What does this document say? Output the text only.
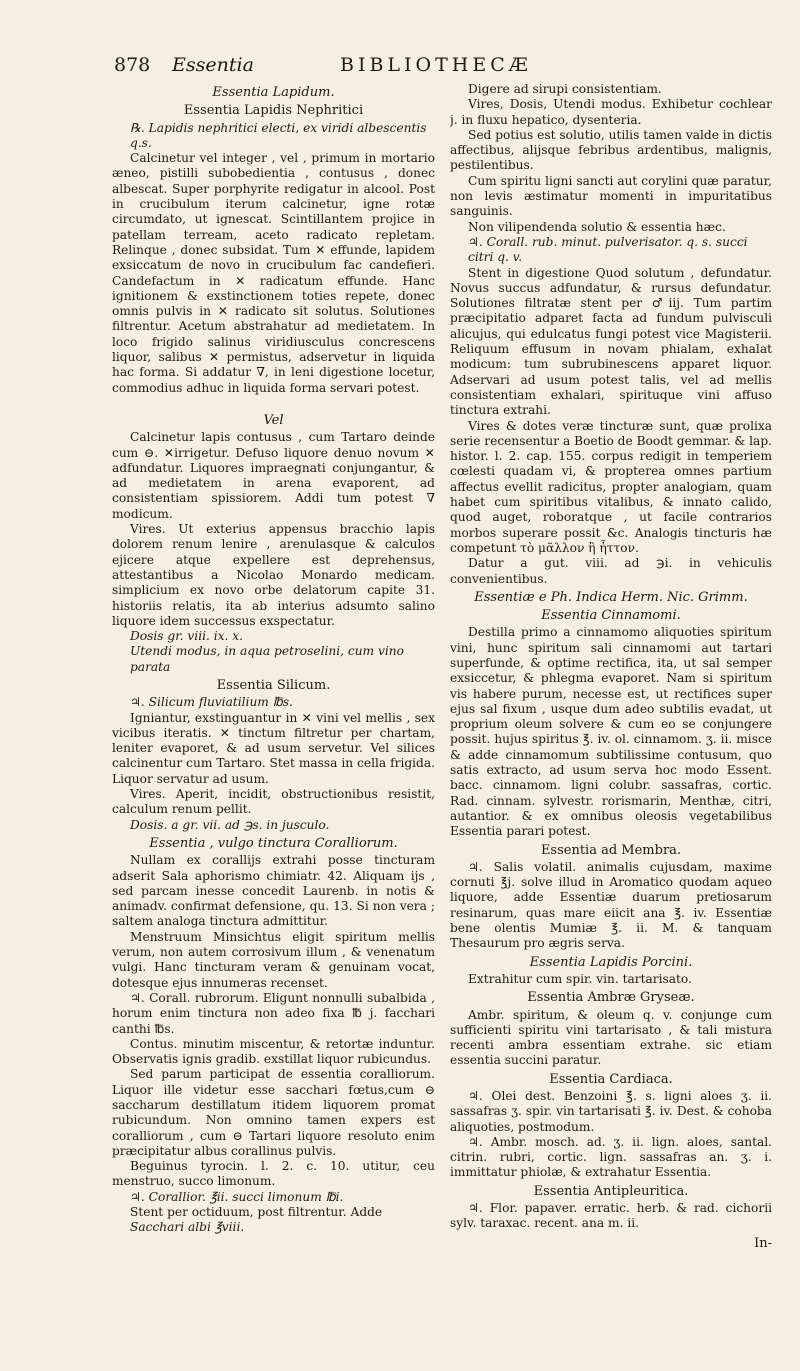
878 Essentia	BIBLIOTHECÆ

Essentia Lapidum.

Essentia Lapidis Nephritici

℞. Lapidis nephritici electi, ex viridi albescentis q.s.

Calcinetur vel integer , vel , primum in mortario æneo, pistilli subobedientia , contusus , donec albescat. Super porphyrite redigatur in alcool. Post in crucibulum iterum calcinetur, igne rotæ circumdato, ut ignescat. Scintillantem projice in patellam terream, aceto radicato repletam. Relinque , donec subsidat. Tum ✕ effunde, lapidem exsiccatum de novo in crucibulum fac candefieri. Candefactum in ✕ radicatum effunde. Hanc ignitionem & exstinctionem toties repete, donec omnis pulvis in ✕ radicato sit solutus. Solutiones filtrentur. Acetum abstrahatur ad medietatem. In loco frigido salinus viridiusculus concrescens liquor, salibus ✕ permistus, adservetur in liquida hac forma. Si addatur ∇, in leni digestione locetur, commodius adhuc in liquida forma servari potest.

Vel

Calcinetur lapis contusus , cum Tartaro deinde cum ⊖. ✕irrigetur. Defuso liquore denuo novum ✕ adfundatur. Liquores impraegnati conjungantur, & ad medietatem in arena evaporent, ad consistentiam spissiorem. Addi tum potest ∇ modicum.

Vires. Ut exterius appensus bracchio lapis dolorem renum lenire , arenulasque & calculos ejicere atque expellere est deprehensus, attestantibus a Nicolao Monardo medicam. simplicium ex novo orbe delatorum capite 31. historiis relatis, ita ab interius adsumto salino liquore idem successus exspectatur.

Dosis gr. viii. ix. x.

Utendi modus, in aqua petroselini, cum vino parata

Essentia Silicum.

♃. Silicum fluviatilium ℔s.

Igniantur, exstinguantur in ✕ vini vel mellis , sex vicibus iteratis. ✕ tinctum filtretur per chartam, leniter evaporet, & ad usum servetur. Vel silices calcinentur cum Tartaro. Stet massa in cella frigida. Liquor servatur ad usum.

Vires. Aperit, incidit, obstructionibus resistit, calculum renum pellit.

Dosis. a gr. vii. ad ℈s. in jusculo.

Essentia , vulgo tinctura Coralliorum.

Nullam ex corallijs extrahi posse tincturam adserit Sala aphorismo chimiatr. 42. Aliquam ijs , sed parcam inesse concedit Laurenb. in notis & animadv. confirmat defensione, qu. 13. Si non vera ; saltem analoga tinctura admittitur.

Menstruum Minsichtus eligit spiritum mellis verum, non autem corrosivum illum , & venenatum vulgi. Hanc tincturam veram & genuinam vocat, dotesque ejus innumeras recenset.

♃. Corall. rubrorum. Eligunt nonnulli subalbida , horum enim tinctura non adeo fixa ℔ j. facchari canthi ℔s.

Contus. minutim miscentur, & retortæ induntur. Observatis ignis gradib. exstillat liquor rubicundus.

Sed parum participat de essentia coralliorum. Liquor ille videtur esse sacchari fœtus,cum ⊖ saccharum destillatum itidem liquorem promat rubicundum. Non omnino tamen expers est coralliorum , cum ⊖ Tartari liquore resoluto enim præcipitatur albus corallinus pulvis.

Beguinus tyrocin. l. 2. c. 10. utitur, ceu menstruo, succo limonum.

♃. Corallior. ℥ii. succi limonum ℔i.

Stent per octiduum, post filtrentur. Adde

Sacchari albi ℥viii.

Digere ad sirupi consistentiam.

Vires, Dosis, Utendi modus. Exhibetur cochlear j. in fluxu hepatico, dysenteria.

Sed potius est solutio, utilis tamen valde in dictis affectibus, alijsque febribus ardentibus, malignis, pestilentibus.

Cum spiritu ligni sancti aut corylini quæ paratur, non levis æstimatur momenti in impuritatibus sanguinis.

Non vilipendenda solutio & essentia hæc.

♃. Corall. rub. minut. pulverisator. q. s. succi citri q. v.

Stent in digestione Quod solutum , defundatur. Novus succus adfundatur, & rursus defundatur. Solutiones filtratæ stent per ♂iij. Tum partim præcipitatio adparet facta ad fundum pulvisculi alicujus, qui edulcatus fungi potest vice Magisterii. Reliquum effusum in novam phialam, exhalat modicum: tum subrubinescens apparet liquor. Adservari ad usum potest talis, vel ad mellis consistentiam exhalari, spirituque vini affuso tinctura extrahi.

Vires & dotes veræ tincturæ sunt, quæ prolixa serie recensentur a Boetio de Boodt gemmar. & lap. histor. l. 2. cap. 155. corpus redigit in temperiem cœlesti quadam vi, & propterea omnes partium affectus evellit radicitus, propter analogiam, quam habet cum spiritibus vitalibus, & innato calido, quod auget, roboratque , ut facile contrarios morbos superare possit &c. Analogis tincturis hæ competunt τὸ μᾶλλον ἢ ἧττον.

Datur a gut. viii. ad ℈i. in vehiculis convenientibus.

Essentiæ e Ph. Indica Herm. Nic. Grimm.

Essentia Cinnamomi.

Destilla primo a cinnamomo aliquoties spiritum vini, hunc spiritum sali cinnamomi aut tartari superfunde, & optime rectifica, ita, ut sal semper exsiccetur, & phlegma evaporet. Nam si spiritum vis habere purum, necesse est, ut rectifices super ejus sal fixum , usque dum adeo subtilis evadat, ut proprium oleum solvere & cum eo se conjungere possit. hujus spiritus ℥. iv. ol. cinnamom. ʒ. ii. misce & adde cinnamomum subtilissime contusum, quo satis extracto, ad usum serva hoc modo Essent. bacc. cinnamom. ligni colubr. sassafras, cortic. Rad. cinnam. sylvestr. rorismarin, Menthæ, citri, autantior. & ex omnibus oleosis vegetabilibus Essentia parari potest.

Essentia ad Membra.

♃. Salis volatil. animalis cujusdam, maxime cornuti ℥j. solve illud in Aromatico quodam aqueo liquore, adde Essentiæ duarum pretiosarum resinarum, quas mare eiicit ana ℥. iv. Essentiæ bene olentis Mumiæ ℥. ii. M. & tanquam Thesaurum pro ægris serva.

Essentia Lapidis Porcini.

Extrahitur cum spir. vin. tartarisato.

Essentia Ambræ Gryseæ.

Ambr. spiritum, & oleum q. v. conjunge cum sufficienti spiritu vini tartarisato , & tali mistura recenti ambra essentiam extrahe. sic etiam essentia succini paratur.

Essentia Cardiaca.

♃. Olei dest. Benzoini ℥. s. ligni aloes ʒ. ii. sassafras ʒ. spir. vin tartarisati ℥. iv. Dest. & cohoba aliquoties, postmodum.

♃. Ambr. mosch. ad. ʒ. ii. lign. aloes, santal. citrin. rubri, cortic. lign. sassafras an. ʒ. i. immittatur phiolæ, & extrahatur Essentia.

Essentia Antipleuritica.

♃. Flor. papaver. erratic. herb. & rad. cichorii sylv. taraxac. recent. ana m. ii.

In-
